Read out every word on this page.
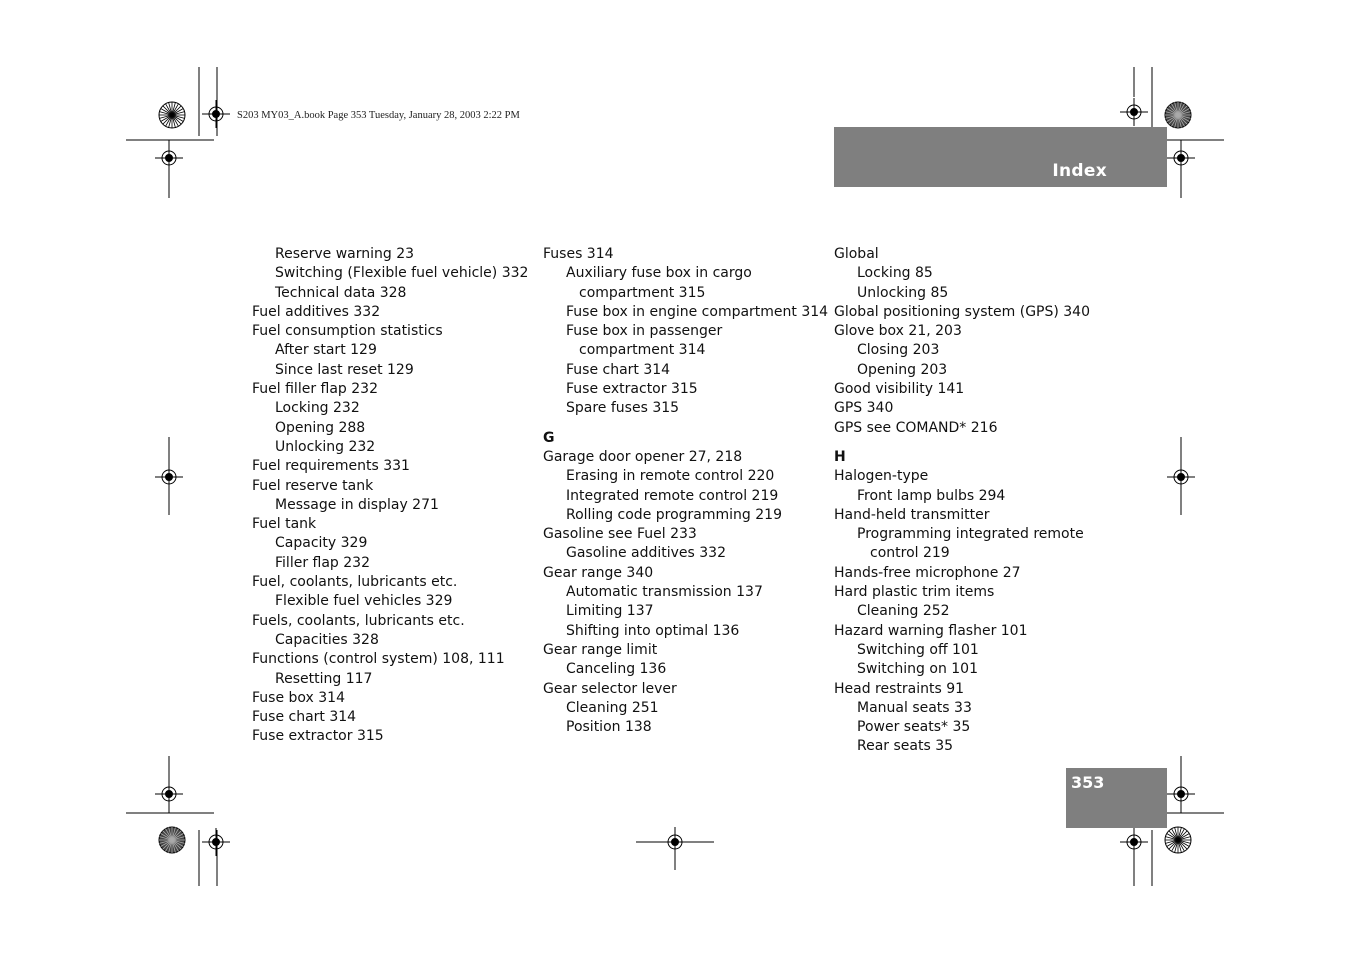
S203 MY03_A.book Page 353 Tuesday, January 28, 2003 2:22 PM
Index
Reserve warning 23
Switching (Flexible fuel vehicle) 332
Technical data 328
Fuel additives 332
Fuel consumption statistics
After start 129
Since last reset 129
Fuel filler flap 232
Locking 232
Opening 288
Unlocking 232
Fuel requirements 331
Fuel reserve tank
Message in display 271
Fuel tank
Capacity 329
Filler flap 232
Fuel, coolants, lubricants etc.
Flexible fuel vehicles 329
Fuels, coolants, lubricants etc.
Capacities 328
Functions (control system) 108, 111
Resetting 117
Fuse box 314
Fuse chart 314
Fuse extractor 315
Fuses 314
Auxiliary fuse box in cargo
compartment 315
Fuse box in engine compartment 314
Fuse box in passenger
compartment 314
Fuse chart 314
Fuse extractor 315
Spare fuses 315
G
Garage door opener 27, 218
Erasing in remote control 220
Integrated remote control 219
Rolling code programming 219
Gasoline see Fuel 233
Gasoline additives 332
Gear range 340
Automatic transmission 137
Limiting 137
Shifting into optimal 136
Gear range limit
Canceling 136
Gear selector lever
Cleaning 251
Position 138
Global
Locking 85
Unlocking 85
Global positioning system (GPS) 340
Glove box 21, 203
Closing 203
Opening 203
Good visibility 141
GPS 340
GPS see COMAND* 216
H
Halogen-type
Front lamp bulbs 294
Hand-held transmitter
Programming integrated remote
control 219
Hands-free microphone 27
Hard plastic trim items
Cleaning 252
Hazard warning flasher 101
Switching off 101
Switching on 101
Head restraints 91
Manual seats 33
Power seats* 35
Rear seats 35
353
